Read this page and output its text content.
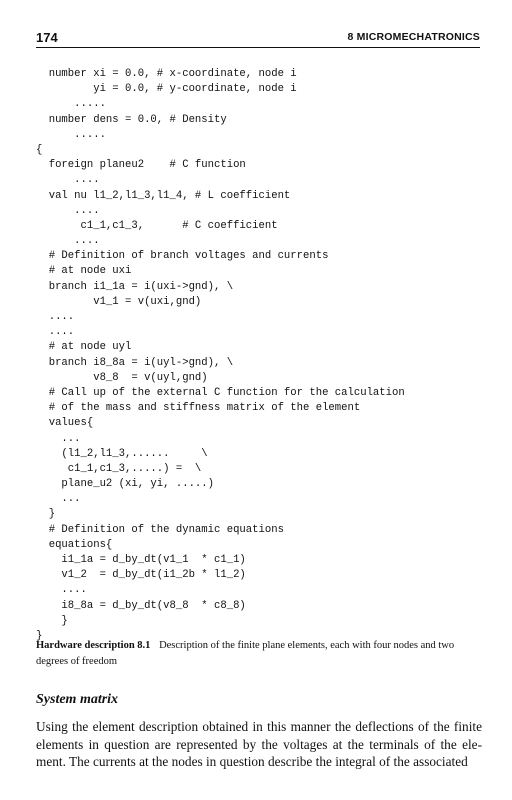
174	8 MICROMECHATRONICS
number xi = 0.0, # x-coordinate, node i
yi = 0.0, # y-coordinate, node i
.....
number dens = 0.0, # Density
.....
{
foreign planeu2    # C function
....
val nu l1_2,l1_3,l1_4, # L coefficient
....
c1_1,c1_3,      # C coefficient
....
# Definition of branch voltages and currents
# at node uxi
branch i1_1a = i(uxi->gnd), \
v1_1 = v(uxi,gnd)
....
....
# at node uyl
branch i8_8a = i(uyl->gnd), \
v8_8  = v(uyl,gnd)
# Call up of the external C function for the calculation
# of the mass and stiffness matrix of the element
values{
...
(l1_2,l1_3,......     \
c1_1,c1_3,.....) =  \
plane_u2 (xi, yi, .....)
...
}
# Definition of the dynamic equations
equations{
i1_1a = d_by_dt(v1_1  * c1_1)
v1_2  = d_by_dt(i1_2b * l1_2)
....
i8_8a = d_by_dt(v8_8  * c8_8)
}
}
Hardware description 8.1 Description of the finite plane elements, each with four nodes and two degrees of freedom
System matrix
Using the element description obtained in this manner the deflections of the finite elements in question are represented by the voltages at the terminals of the ele-ment. The currents at the nodes in question describe the integral of the associated
